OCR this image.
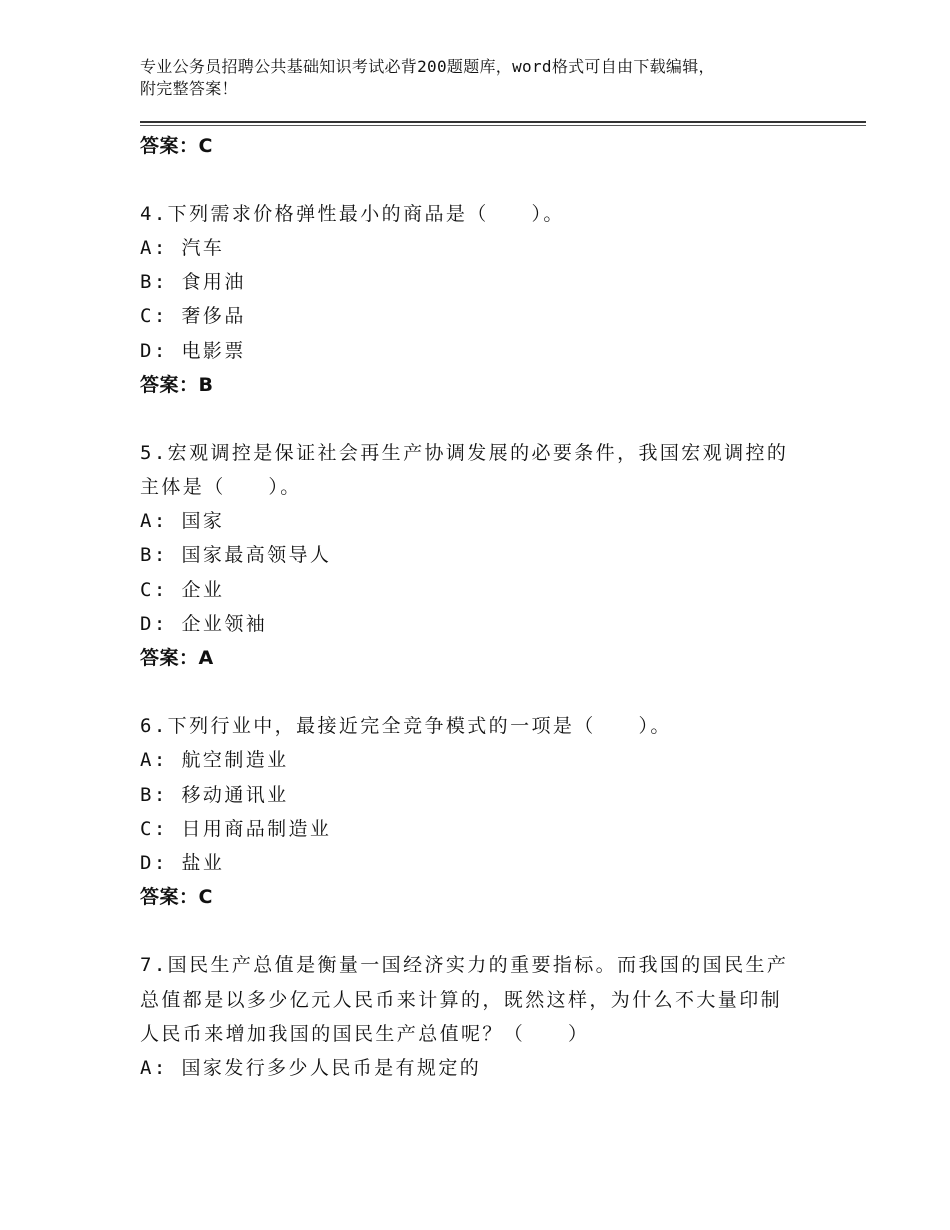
专业公务员招聘公共基础知识考试必背200题题库，word格式可自由下载编辑，
附完整答案！
答案：C
4.下列需求价格弹性最小的商品是（　　）。
A: 汽车
B: 食用油
C: 奢侈品
D: 电影票
答案：B
5.宏观调控是保证社会再生产协调发展的必要条件，我国宏观调控的
主体是（　　）。
A: 国家
B: 国家最高领导人
C: 企业
D: 企业领袖
答案：A
6.下列行业中，最接近完全竞争模式的一项是（　　）。
A: 航空制造业
B: 移动通讯业
C: 日用商品制造业
D: 盐业
答案：C
7.国民生产总值是衡量一国经济实力的重要指标。而我国的国民生产
总值都是以多少亿元人民币来计算的，既然这样，为什么不大量印制
人民币来增加我国的国民生产总值呢？（　　）
A: 国家发行多少人民币是有规定的
